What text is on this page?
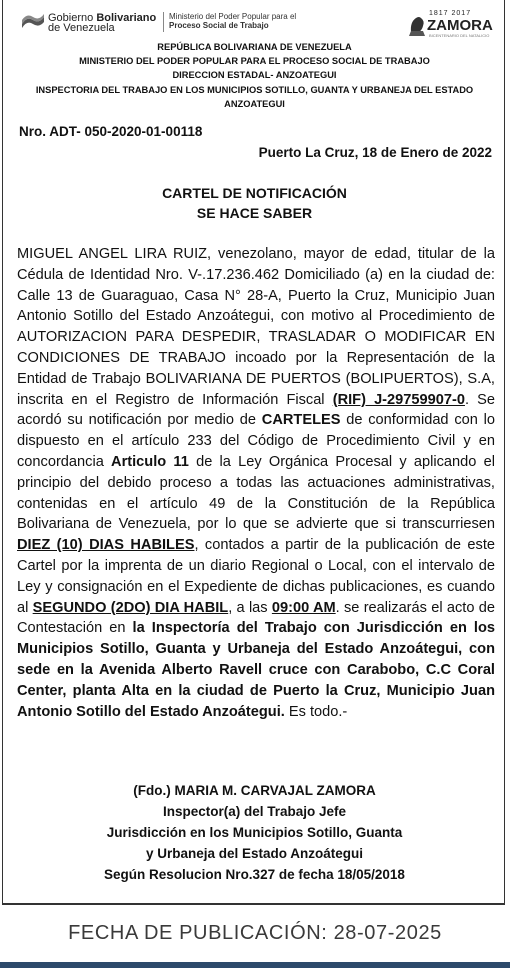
Gobierno Bolivariano
de Venezuela
Ministerio del Poder Popular para el
Proceso Social de Trabajo
1817 2017
ZAMORA
BICENTENARIO DEL NATALICIO
REPÚBLICA BOLIVARIANA DE VENEZUELA
MINISTERIO DEL PODER POPULAR PARA EL PROCESO SOCIAL DE TRABAJO
DIRECCION ESTADAL- ANZOATEGUI
INSPECTORIA DEL TRABAJO EN LOS MUNICIPIOS SOTILLO, GUANTA Y URBANEJA DEL ESTADO
ANZOATEGUI
Nro. ADT- 050-2020-01-00118
Puerto La Cruz, 18 de Enero de 2022
CARTEL DE NOTIFICACIÓN
SE HACE SABER
MIGUEL ANGEL LIRA RUIZ, venezolano, mayor de edad, titular de la Cédula de Identidad Nro. V-.17.236.462 Domiciliado (a) en la ciudad de: Calle 13 de Guaraguao, Casa N° 28-A, Puerto la Cruz, Municipio Juan Antonio Sotillo del Estado Anzoátegui, con motivo al Procedimiento de AUTORIZACION PARA DESPEDIR, TRASLADAR O MODIFICAR EN CONDICIONES DE TRABAJO incoado por la Representación de la Entidad de Trabajo BOLIVARIANA DE PUERTOS (BOLIPUERTOS), S.A, inscrita en el Registro de Información Fiscal (RIF) J-29759907-0. Se acordó su notificación por medio de CARTELES de conformidad con lo dispuesto en el artículo 233 del Código de Procedimiento Civil y en concordancia Articulo 11 de la Ley Orgánica Procesal y aplicando el principio del debido proceso a todas las actuaciones administrativas, contenidas en el artículo 49 de la Constitución de la República Bolivariana de Venezuela, por lo que se advierte que si transcurriesen DIEZ (10) DIAS HABILES, contados a partir de la publicación de este Cartel por la imprenta de un diario Regional o Local, con el intervalo de Ley y consignación en el Expediente de dichas publicaciones, es cuando al SEGUNDO (2DO) DIA HABIL, a las 09:00 AM. se realizarás el acto de Contestación en la Inspectoría del Trabajo con Jurisdicción en los Municipios Sotillo, Guanta y Urbaneja del Estado Anzoátegui, con sede en la Avenida Alberto Ravell cruce con Carabobo, C.C Coral Center, planta Alta en la ciudad de Puerto la Cruz, Municipio Juan Antonio Sotillo del Estado Anzoátegui. Es todo.-
(Fdo.) MARIA M. CARVAJAL ZAMORA
Inspector(a) del Trabajo Jefe
Jurisdicción en los Municipios Sotillo, Guanta
y Urbaneja del Estado Anzoátegui
Según Resolucion Nro.327 de fecha 18/05/2018
FECHA DE PUBLICACIÓN: 28-07-2025
